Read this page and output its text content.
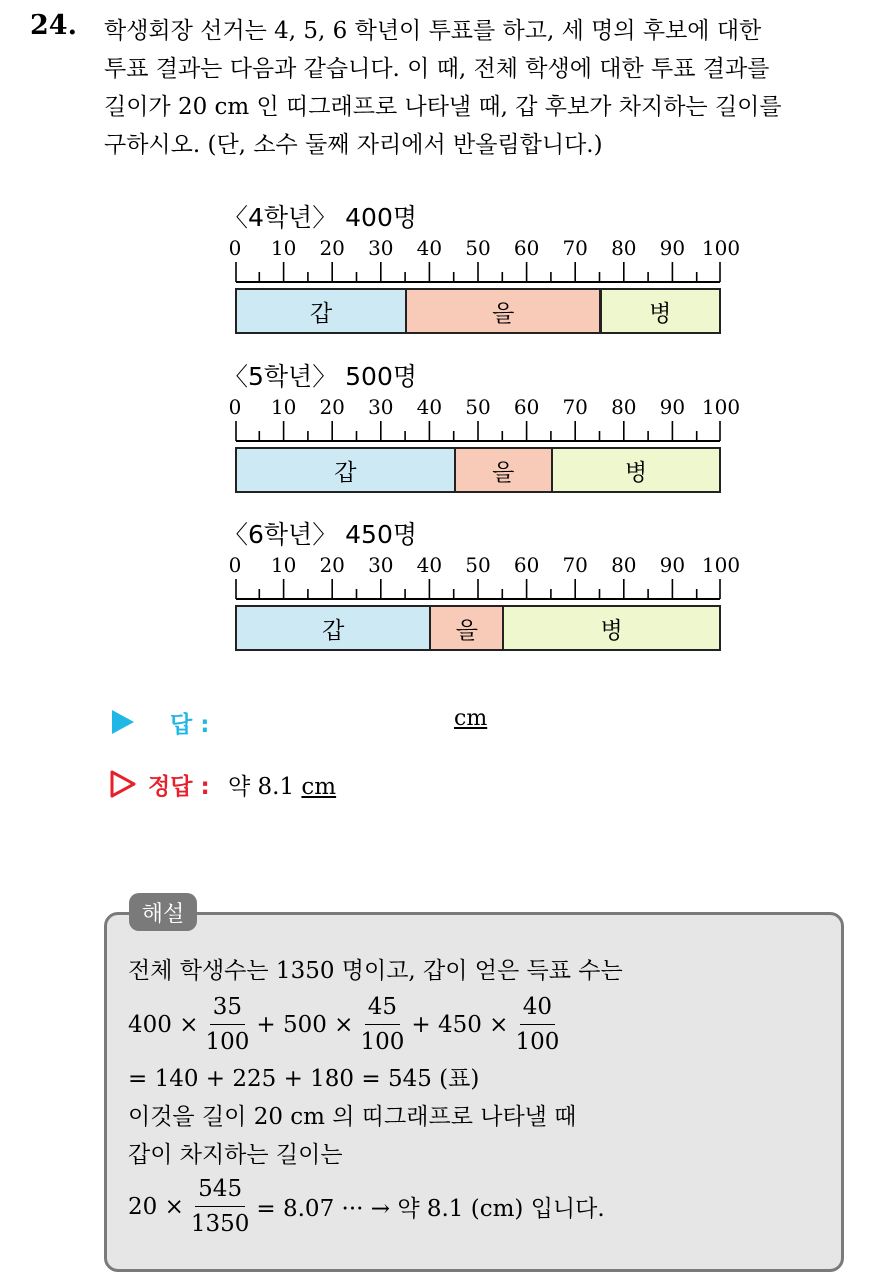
24. 학생회장 선거는 4, 5, 6 학년이 투표를 하고, 세 명의 후보에 대한
투표 결과는 다음과 같습니다. 이 때, 전체 학생에 대한 투표 결과를
길이가 20 cm 인 띠그래프로 나타낼 때, 갑 후보가 차지하는 길이를
구하시오. (단, 소수 둘째 자리에서 반올림합니다.)
〈4학년〉 400명
0 10 20 30 40 50 60 70 80 90 100
갑	을	병
〈5학년〉 500명
0 10 20 30 40 50 60 70 80 90 100
갑	을	병
〈6학년〉 450명
0 10 20 30 40 50 60 70 80 90 100
갑	을	병
답 :	cm
정답 : 약 8.1 cm
해설
전체 학생수는 1350 명이고, 갑이 얻은 득표 수는
$400 \times \frac{35}{100} + 500 \times \frac{45}{100} + 450 \times \frac{40}{100}$
= 140 + 225 + 180 = 545 (표)
이것을 길이 20 cm 의 띠그래프로 나타낼 때
갑이 차지하는 길이는
$20 \times \frac{545}{1350} = 8.07$ ··· → 약 8.1 (cm) 입니다.
